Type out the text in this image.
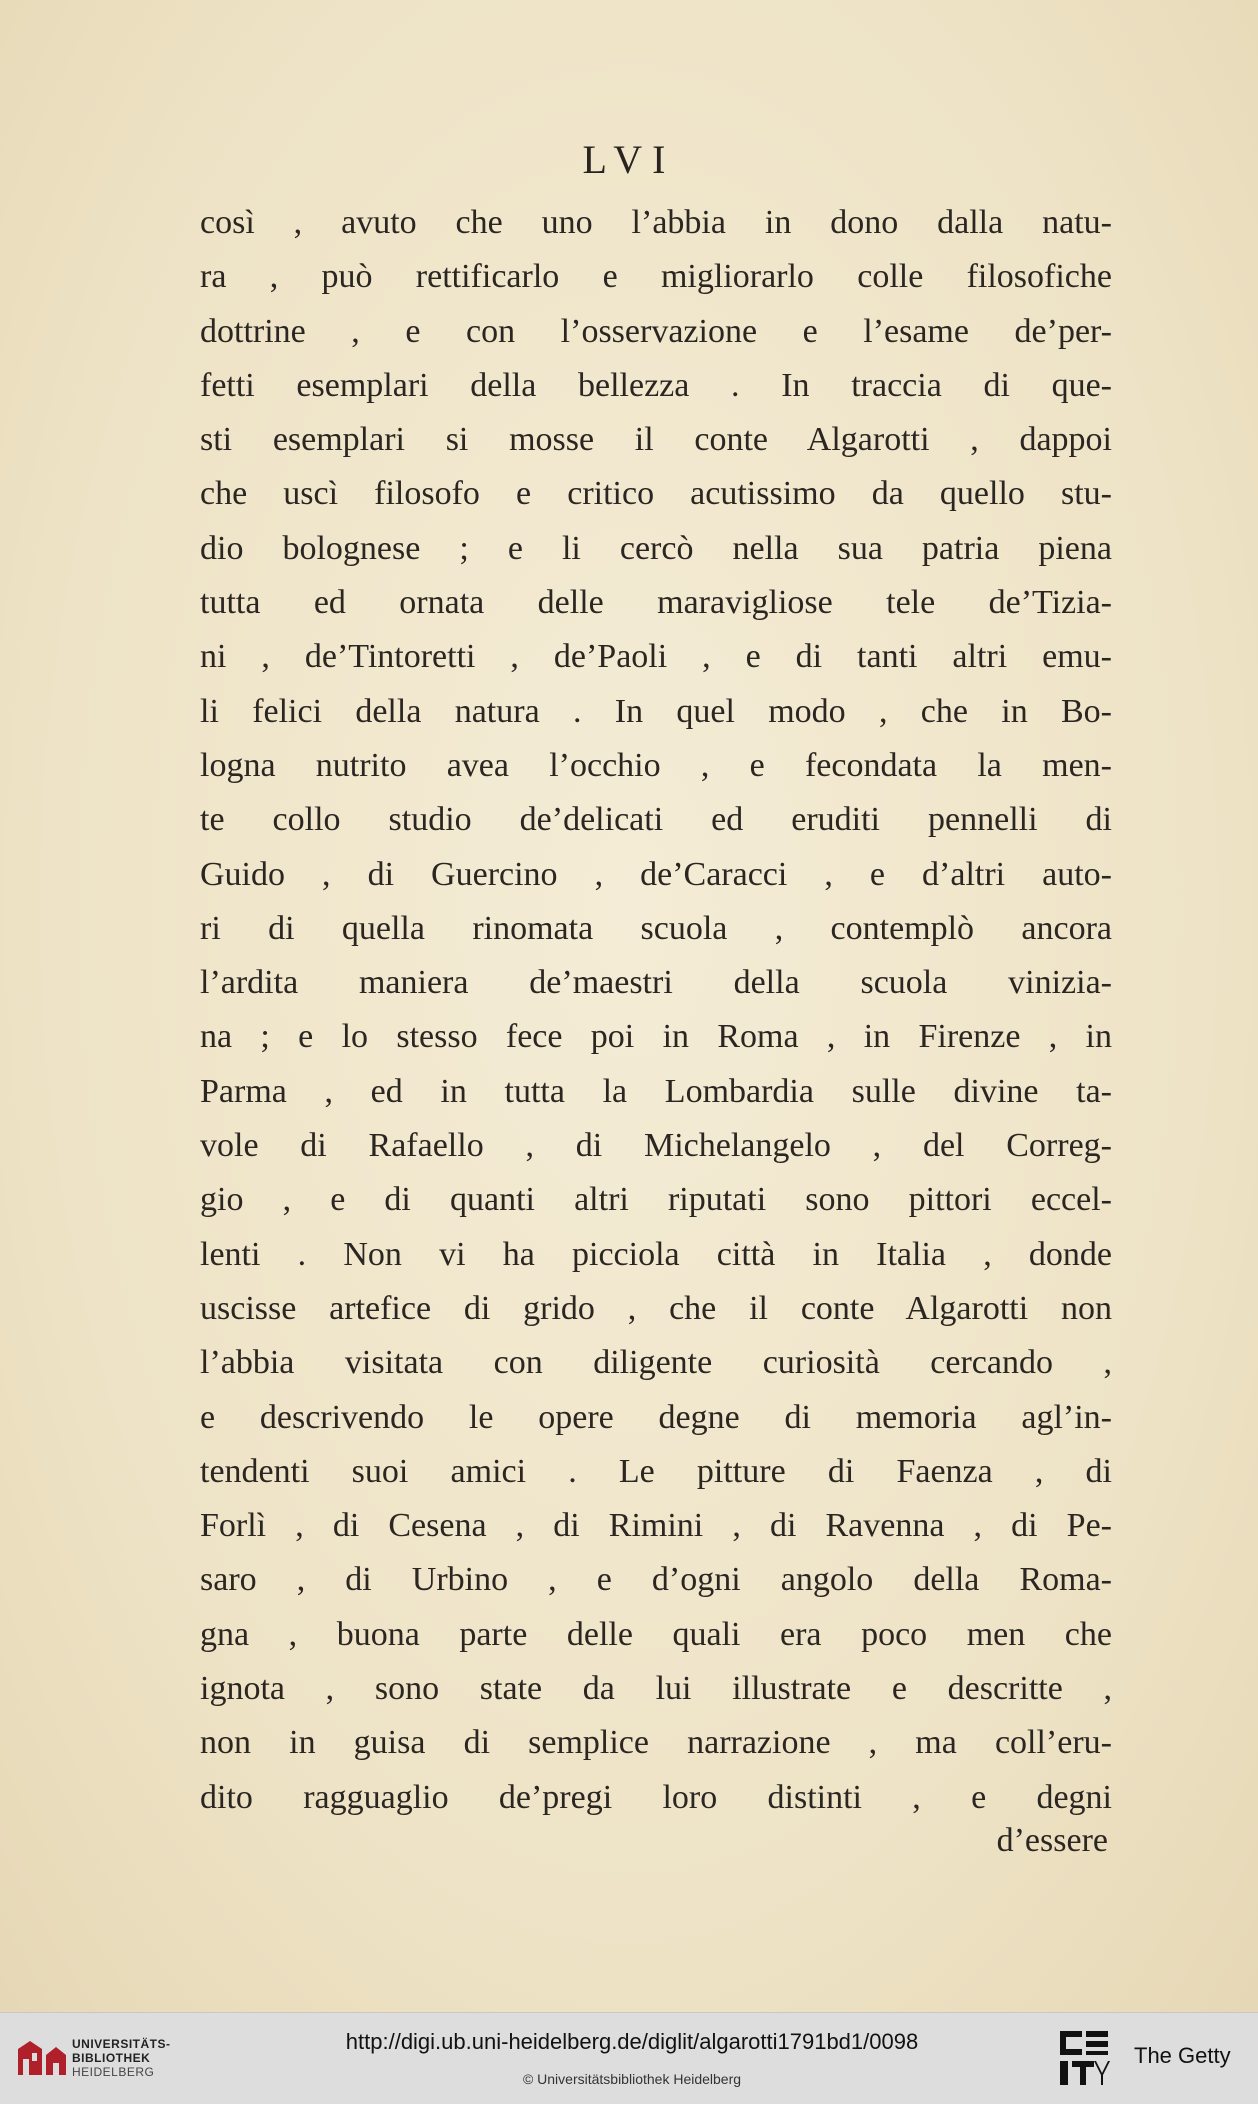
LVI
così , avuto che uno l’abbia in dono dalla natu-
ra , può rettificarlo e migliorarlo colle filosofiche
dottrine , e con l’osservazione e l’esame de’per-
fetti esemplari della bellezza . In traccia di que-
sti esemplari si mosse il conte Algarotti , dappoi
che uscì filosofo e critico acutissimo da quello stu-
dio bolognese ; e li cercò nella sua patria piena
tutta ed ornata delle maravigliose tele de’Tizia-
ni , de’Tintoretti , de’Paoli , e di tanti altri emu-
li felici della natura . In quel modo , che in Bo-
logna nutrito avea l’occhio , e fecondata la men-
te collo studio de’delicati ed eruditi pennelli di
Guido , di Guercino , de’Caracci , e d’altri auto-
ri di quella rinomata scuola , contemplò ancora
l’ardita maniera de’maestri della scuola vinizia-
na ; e lo stesso fece poi in Roma , in Firenze , in
Parma , ed in tutta la Lombardia sulle divine ta-
vole di Rafaello , di Michelangelo , del Correg-
gio , e di quanti altri riputati sono pittori eccel-
lenti . Non vi ha picciola città in Italia , donde
uscisse artefice di grido , che il conte Algarotti non
l’abbia visitata con diligente curiosità cercando ,
e descrivendo le opere degne di memoria agl’in-
tendenti suoi amici . Le pitture di Faenza , di
Forlì , di Cesena , di Rimini , di Ravenna , di Pe-
saro , di Urbino , e d’ogni angolo della Roma-
gna , buona parte delle quali era poco men che
ignota , sono state da lui illustrate e descritte ,
non in guisa di semplice narrazione , ma coll’eru-
dito ragguaglio de’pregi loro distinti , e degni
d’essere
UNIVERSITÄTS-
BIBLIOTHEK
HEIDELBERG
http://digi.ub.uni-heidelberg.de/diglit/algarotti1791bd1/0098
© Universitätsbibliothek Heidelberg
The Getty
